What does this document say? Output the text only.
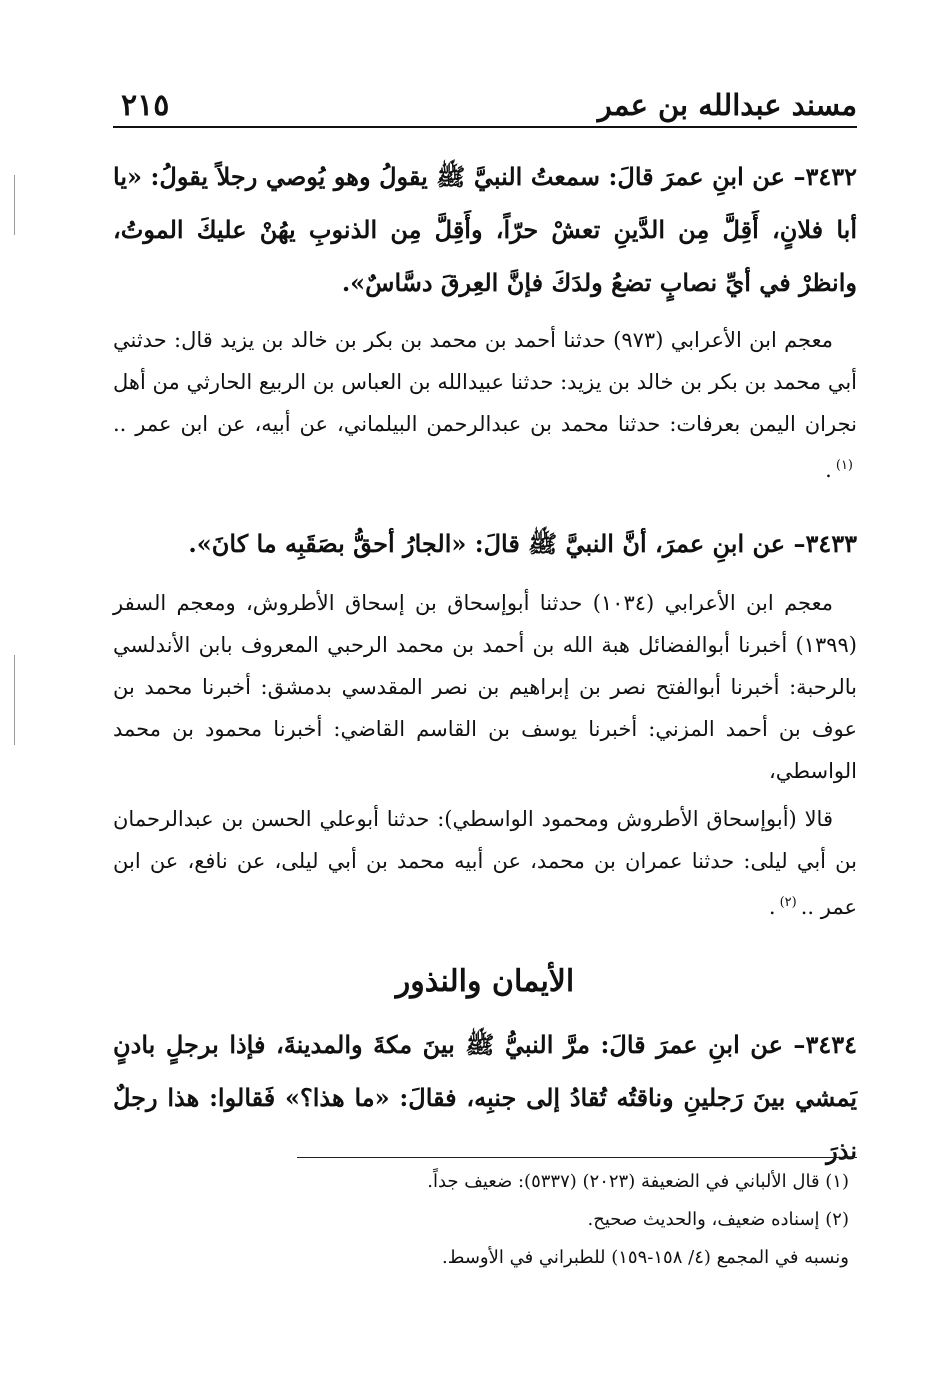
مسند عبدالله بن عمر
٢١٥

٣٤٣٢– عن ابنِ عمرَ قالَ: سمعتُ النبيَّ ﷺ يقولُ وهو يُوصي رجلاً يقولُ: «يا أبا فلانٍ، أَقِلَّ مِن الدَّينِ تعشْ حرّاً، وأَقِلَّ مِن الذنوبِ يهُنْ عليكَ الموتُ، وانظرْ في أيِّ نصابٍ تضعُ ولدَكَ فإنَّ العِرقَ دسَّاسٌ».

معجم ابن الأعرابي (٩٧٣) حدثنا أحمد بن محمد بن بكر بن خالد بن يزيد قال: حدثني أبي محمد بن بكر بن خالد بن يزيد: حدثنا عبيدالله بن العباس بن الربيع الحارثي من أهل نجران اليمن بعرفات: حدثنا محمد بن عبدالرحمن البيلماني، عن أبيه، عن ابن عمر ..$^{(١)}$.

٣٤٣٣– عن ابنِ عمرَ، أنَّ النبيَّ ﷺ قالَ: «الجارُ أحقُّ بصَقَبِه ما كانَ».

معجم ابن الأعرابي (١٠٣٤) حدثنا أبوإسحاق بن إسحاق الأطروش، ومعجم السفر (١٣٩٩) أخبرنا أبوالفضائل هبة الله بن أحمد بن محمد الرحبي المعروف بابن الأندلسي بالرحبة: أخبرنا أبوالفتح نصر بن إبراهيم بن نصر المقدسي بدمشق: أخبرنا محمد بن عوف بن أحمد المزني: أخبرنا يوسف بن القاسم القاضي: أخبرنا محمود بن محمد الواسطي،

قالا (أبوإسحاق الأطروش ومحمود الواسطي): حدثنا أبوعلي الحسن بن عبدالرحمان بن أبي ليلى: حدثنا عمران بن محمد، عن أبيه محمد بن أبي ليلى، عن نافع، عن ابن عمر ..$^{(٢)}$.

الأيمان والنذور

٣٤٣٤– عن ابنِ عمرَ قالَ: مرَّ النبيُّ ﷺ بينَ مكةَ والمدينةَ، فإذا برجلٍ بادنٍ يَمشي بينَ رَجلينِ وناقتُه تُقادُ إلى جنبِه، فقالَ: «ما هذا؟» فَقالوا: هذا رجلٌ نذرَ

(١) قال الألباني في الضعيفة (٢٠٢٣) (٥٣٣٧): ضعيف جداً.

(٢) إسناده ضعيف، والحديث صحيح.

ونسبه في المجمع (٤/ ١٥٨-١٥٩) للطبراني في الأوسط.
